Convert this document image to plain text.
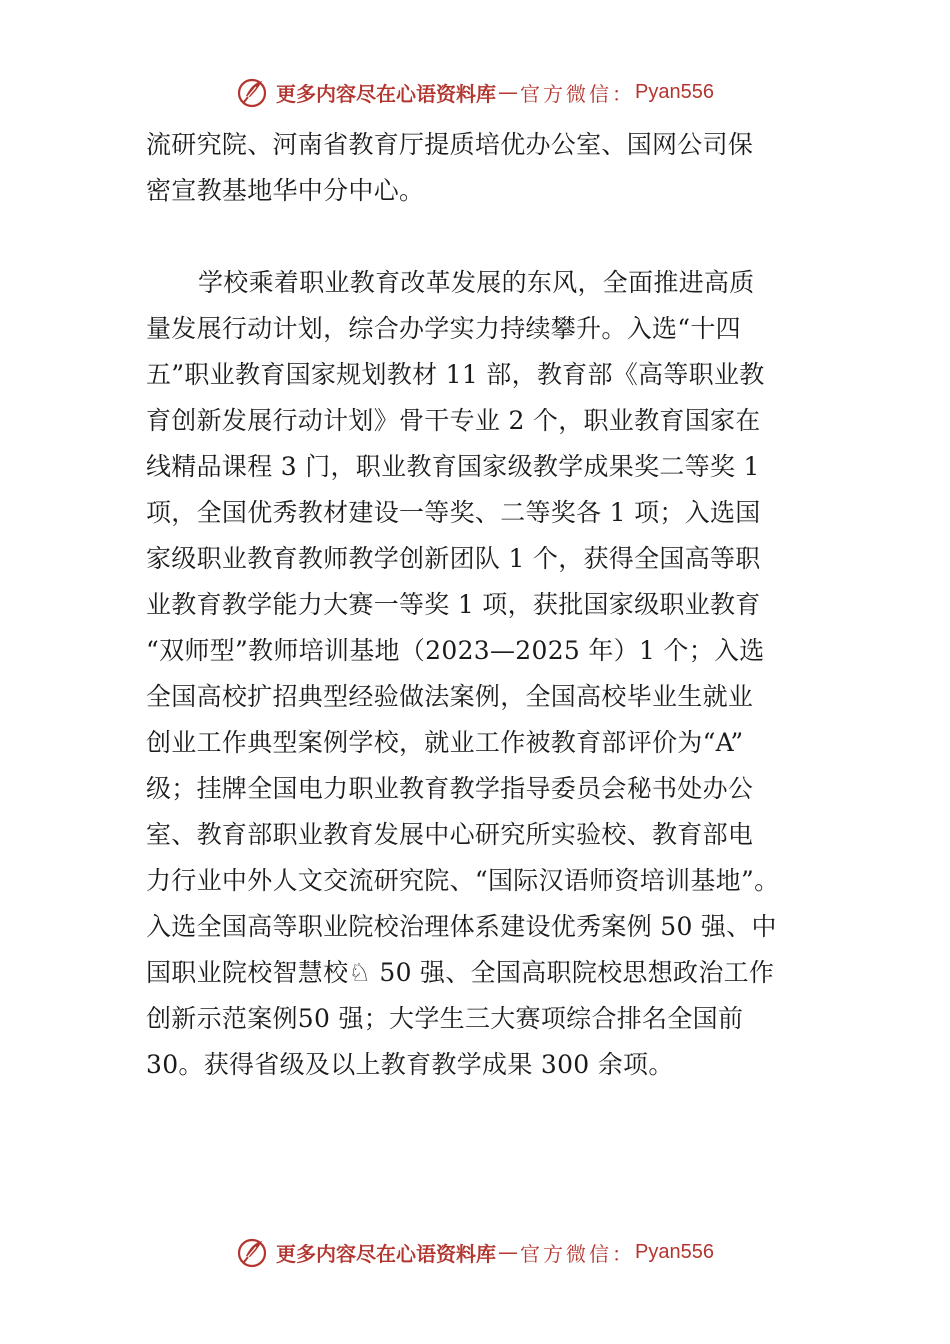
更多内容尽在心语资料库 — 官方微信： Pyan556
流研究院、河南省教育厅提质培优办公室、国网公司保
密宣教基地华中分中心。
学校乘着职业教育改革发展的东风，全面推进高质
量发展行动计划，综合办学实力持续攀升。入选“十四
五”职业教育国家规划教材 11 部，教育部《高等职业教
育创新发展行动计划》骨干专业 2 个，职业教育国家在
线精品课程 3 门，职业教育国家级教学成果奖二等奖 1
项，全国优秀教材建设一等奖、二等奖各 1 项；入选国
家级职业教育教师教学创新团队 1 个，获得全国高等职
业教育教学能力大赛一等奖 1 项，获批国家级职业教育
“双师型”教师培训基地（2023—2025 年）1 个；入选
全国高校扩招典型经验做法案例，全国高校毕业生就业
创业工作典型案例学校，就业工作被教育部评价为“A”
级；挂牌全国电力职业教育教学指导委员会秘书处办公
室、教育部职业教育发展中心研究所实验校、教育部电
力行业中外人文交流研究院、“国际汉语师资培训基地”。
入选全国高等职业院校治理体系建设优秀案例 50 强、中
国职业院校智慧校♘ 50 强、全国高职院校思想政治工作
创新示范案例50 强；大学生三大赛项综合排名全国前
30。获得省级及以上教育教学成果 300 余项。
更多内容尽在心语资料库 — 官方微信： Pyan556
